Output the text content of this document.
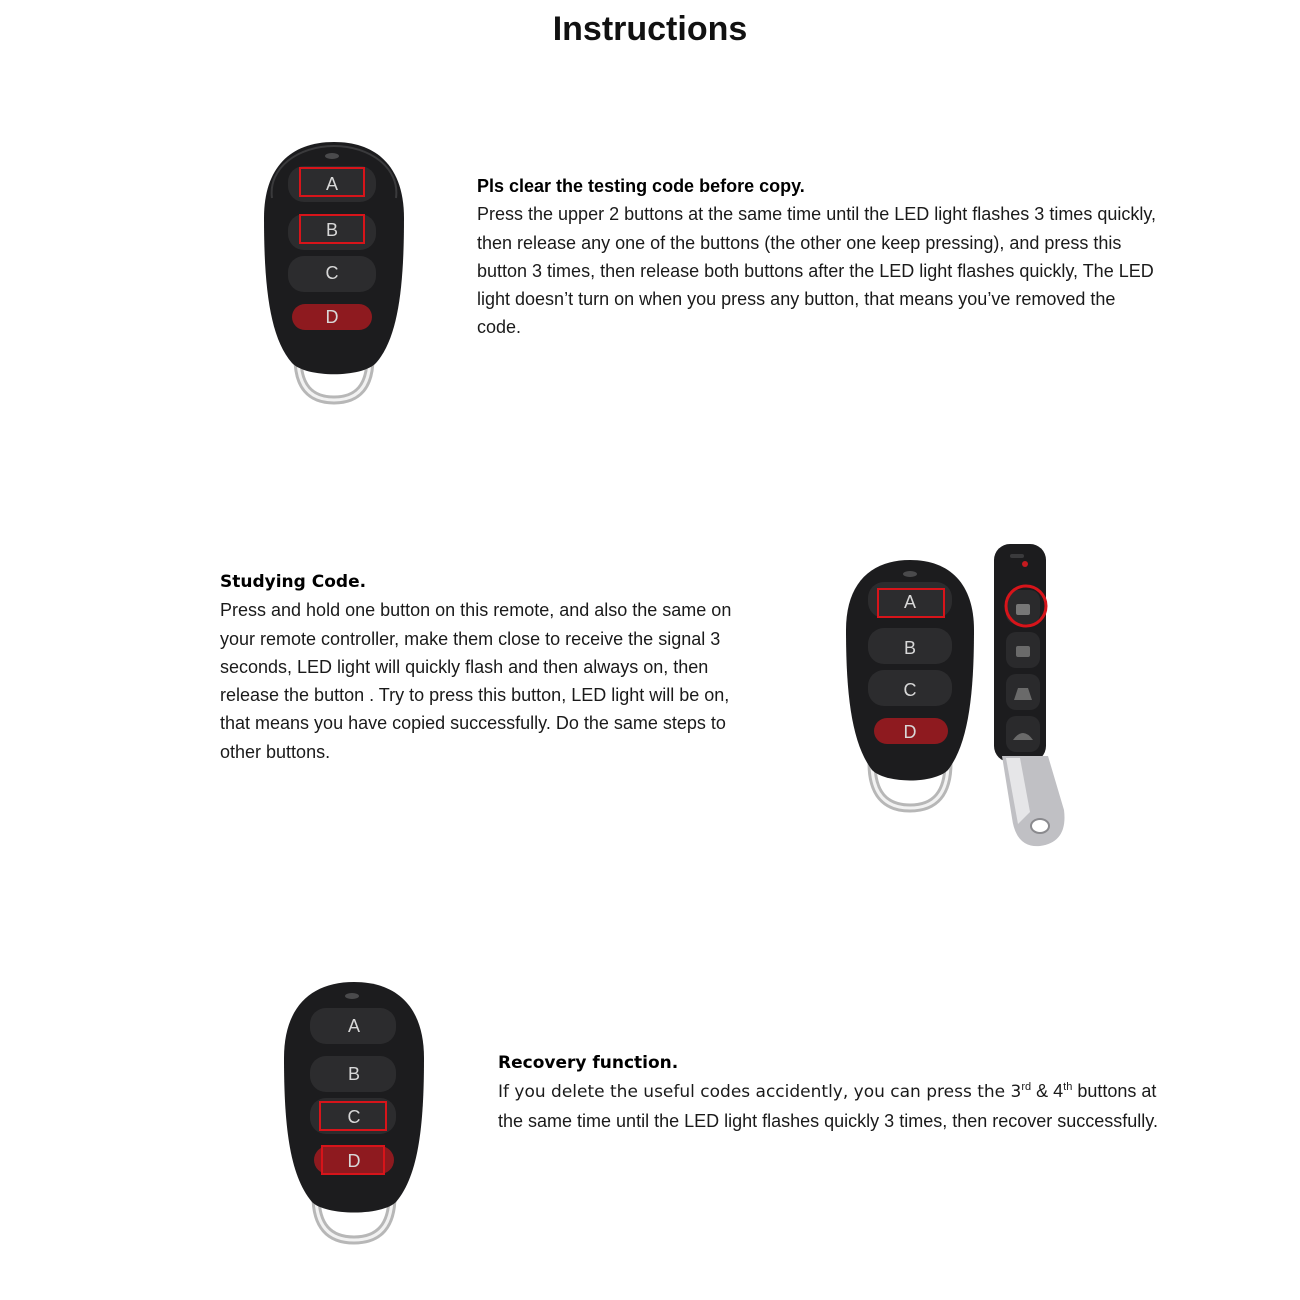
Instructions
A
B
C
D

Pls clear the testing code before copy.

Press the upper 2 buttons at the same time until the LED light flashes 3 times quickly, then release any one of the buttons (the other one keep pressing), and press this button 3 times, then release both buttons after the LED light flashes quickly, The LED light doesn’t turn on when you press any button, that means you’ve removed the code.

Studying Code.

Press and hold one button on this remote, and also the same on your remote controller, make them close to receive the signal 3 seconds, LED light will quickly flash and then always on, then release the button . Try to press this button, LED light will be on, that means you have copied successfully. Do the same steps to other buttons.

A
B
C
D
A
B
C
D

Recovery function.

If you delete the useful codes accidently, you can press the 3rd & 4th buttons at the same time until the LED light flashes quickly 3 times, then recover successfully.
